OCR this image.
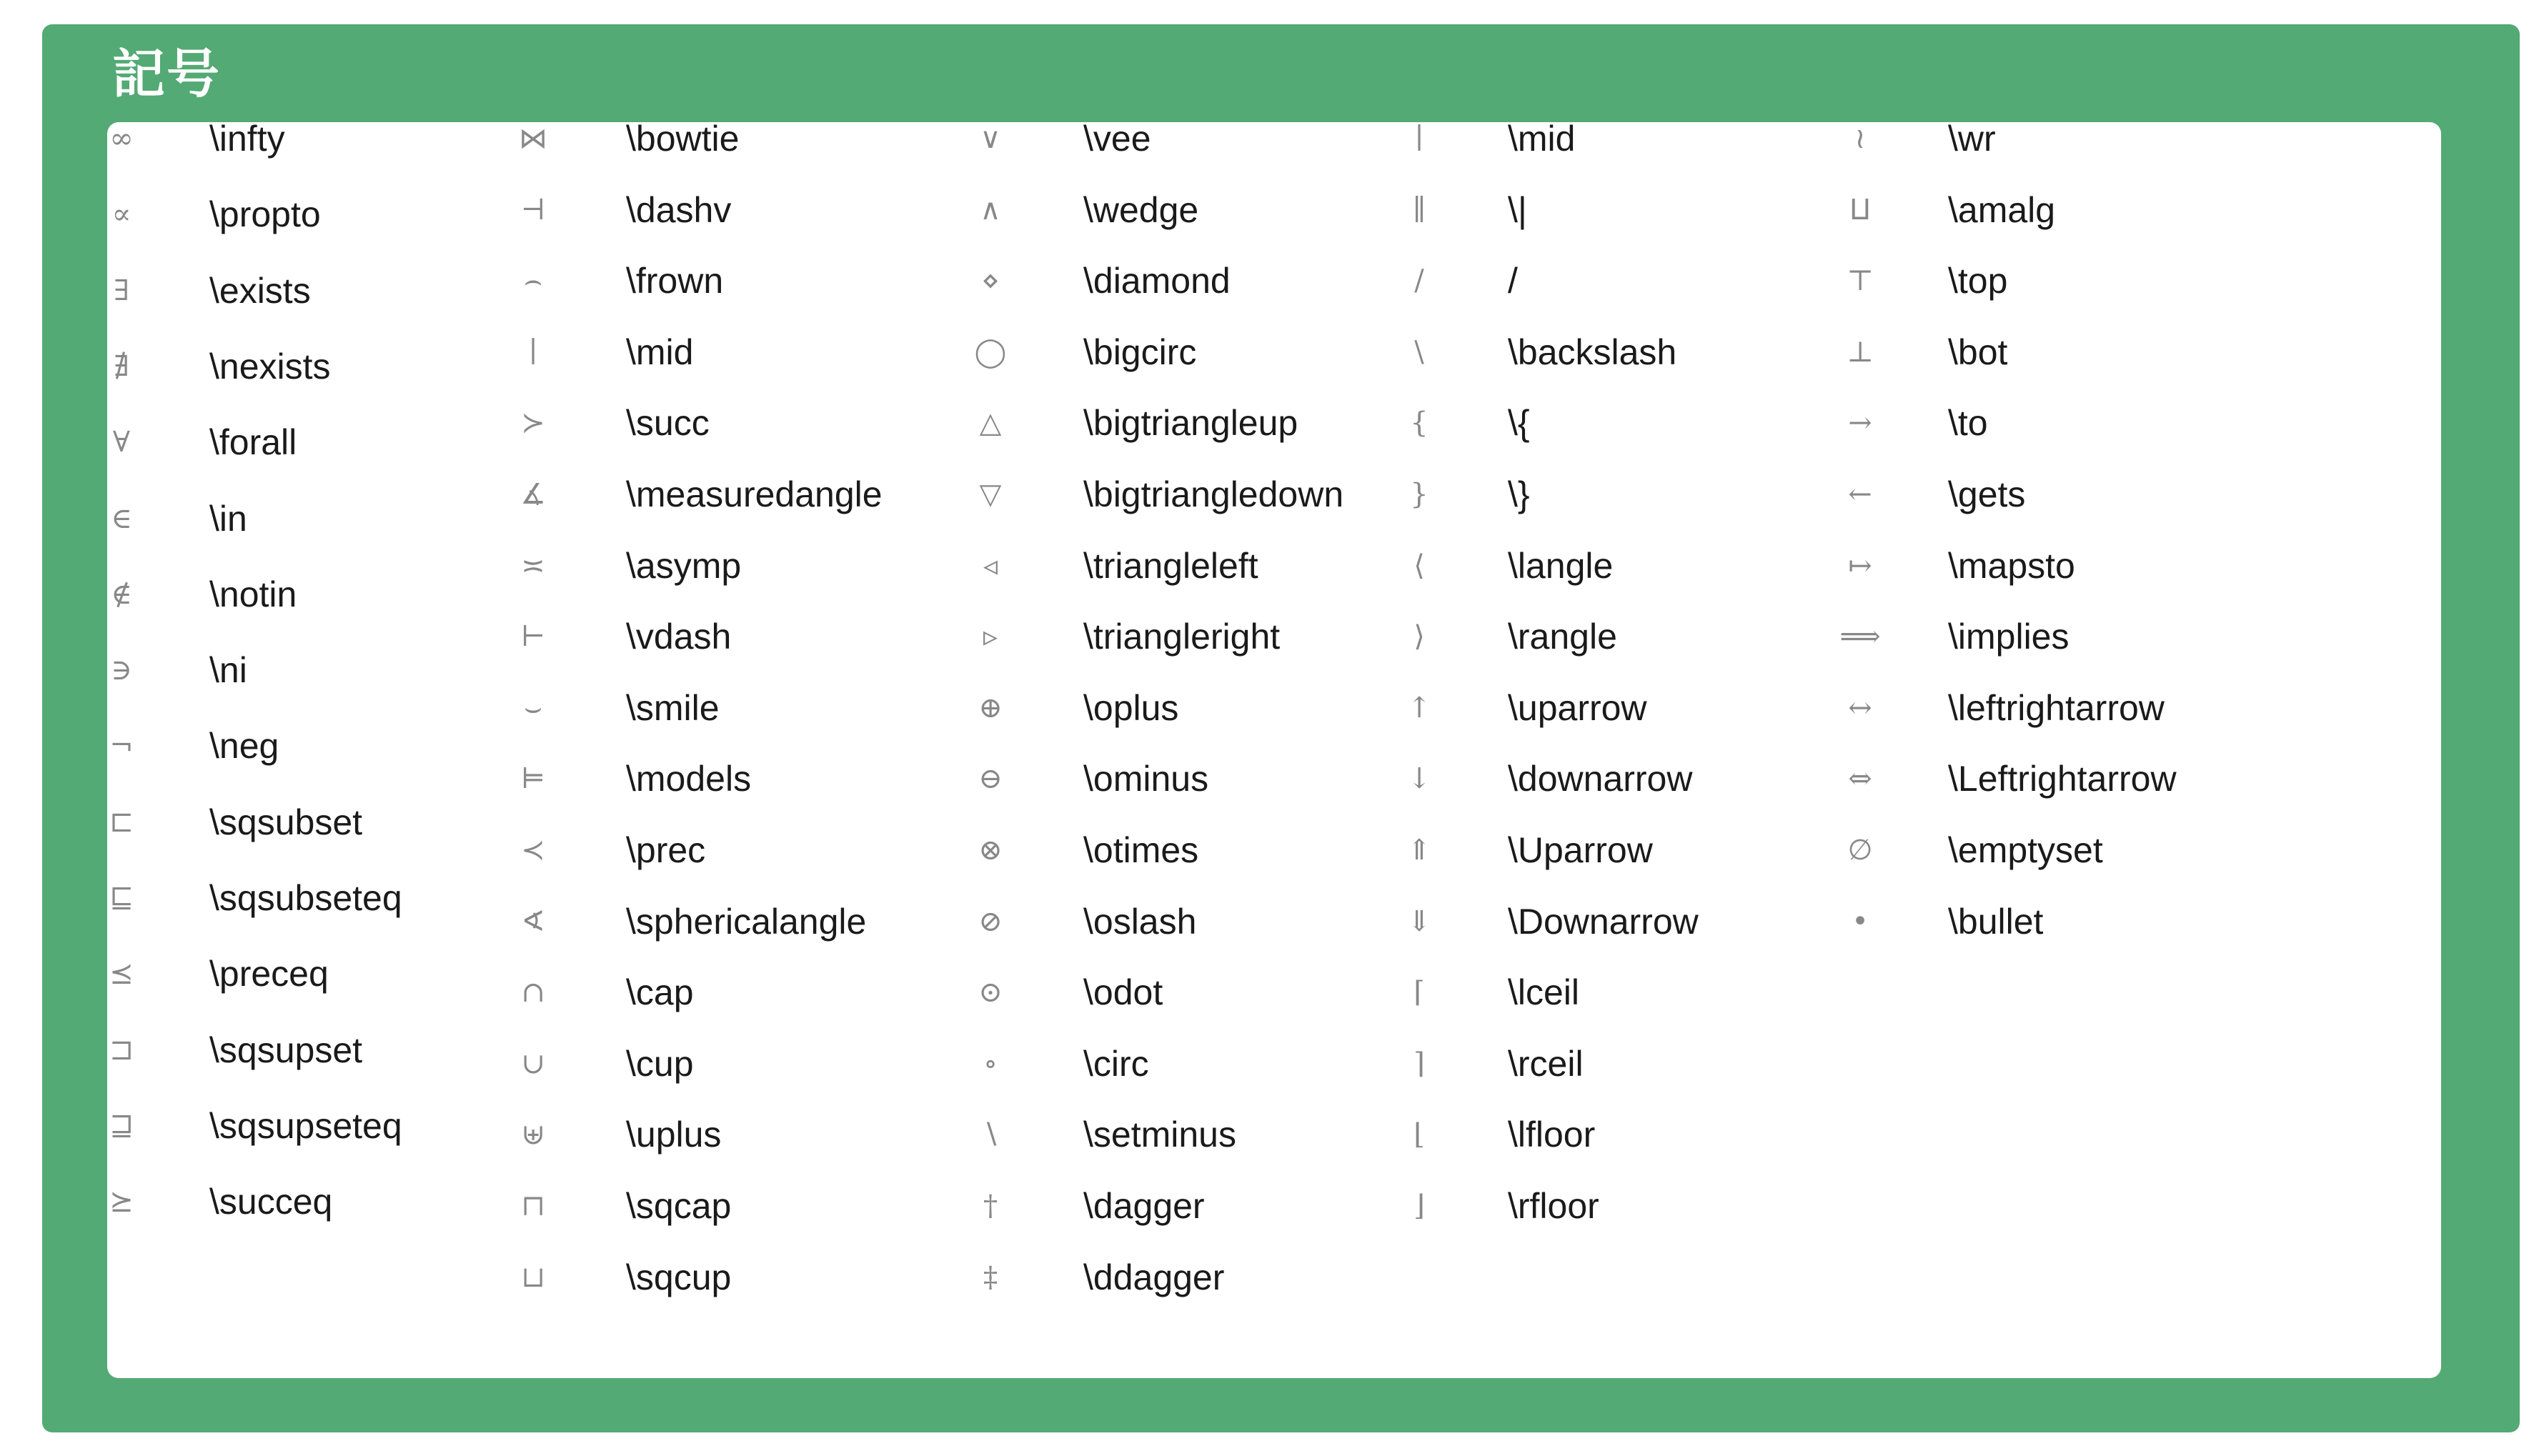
記号
∞	\infty
∝	\propto
∃	\exists
∄	\nexists
∀	\forall
∈	\in
∉	\notin
∋	\ni
¬	\neg
⊏	\sqsubset
⊑	\sqsubseteq
⪯	\preceq
⊐	\sqsupset
⊒	\sqsupseteq
⪰	\succeq
⋈	\bowtie
⊣	\dashv
⌢	\frown
∣	\mid
≻	\succ
∡	\measuredangle
≍	\asymp
⊢	\vdash
⌣	\smile
⊨	\models
≺	\prec
∢	\sphericalangle
∩	\cap
∪	\cup
⊎	\uplus
⊓	\sqcap
⊔	\sqcup
∨	\vee
∧	\wedge
⋄	\diamond
◯	\bigcirc
△	\bigtriangleup
▽	\bigtriangledown
◃	\triangleleft
▹	\triangleright
⊕	\oplus
⊖	\ominus
⊗	\otimes
⊘	\oslash
⊙	\odot
∘	\circ
∖	\setminus
†	\dagger
‡	\ddagger
∣	\mid
∥	\|
/	/
\	\backslash
{	\{
}	\}
⟨	\langle
⟩	\rangle
↑	\uparrow
↓	\downarrow
⇑	\Uparrow
⇓	\Downarrow
⌈	\lceil
⌉	\rceil
⌊	\lfloor
⌋	\rfloor
≀	\wr
⨿	\amalg
⊤	\top
⊥	\bot
→	\to
←	\gets
↦	\mapsto
⟹ \implies
↔	\leftrightarrow
⇔	\Leftrightarrow
∅	\emptyset
•	\bullet
